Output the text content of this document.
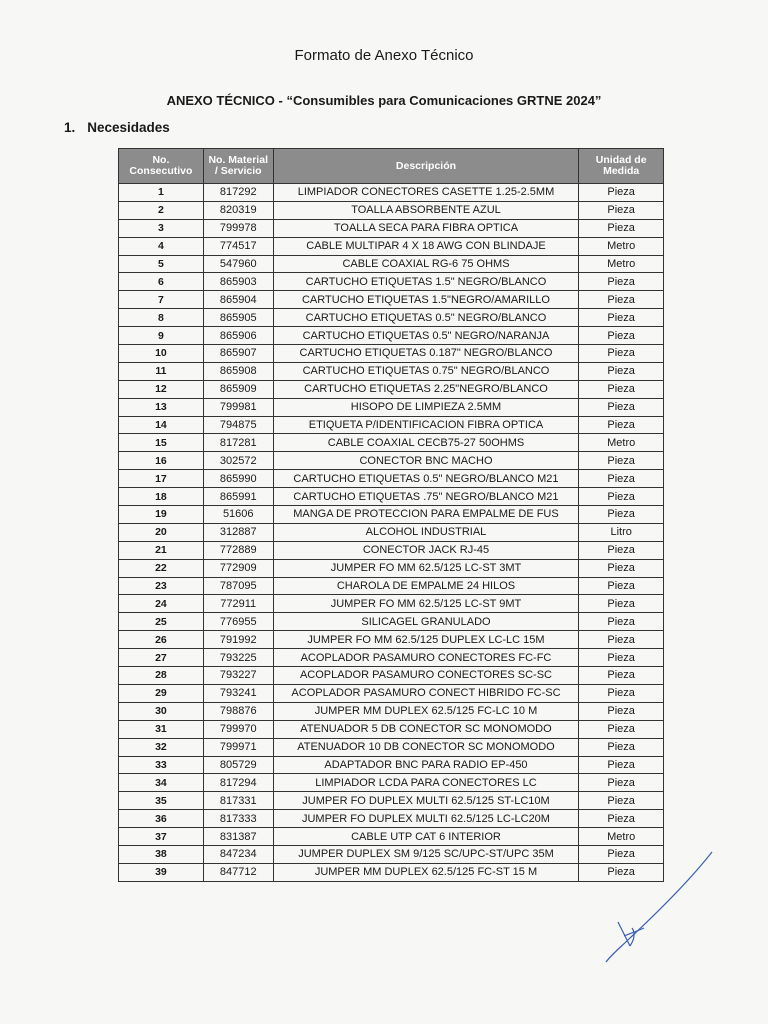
Formato de Anexo Técnico
ANEXO TÉCNICO - “Consumibles para Comunicaciones GRTNE 2024”
1. Necesidades
No. Consecutivo	No. Material / Servicio	Descripción	Unidad de Medida
1	817292	LIMPIADOR CONECTORES CASETTE 1.25-2.5MM	Pieza
2	820319	TOALLA ABSORBENTE AZUL	Pieza
3	799978	TOALLA SECA PARA FIBRA OPTICA	Pieza
4	774517	CABLE MULTIPAR 4 X 18 AWG CON BLINDAJE	Metro
5	547960	CABLE COAXIAL RG-6 75 OHMS	Metro
6	865903	CARTUCHO ETIQUETAS 1.5" NEGRO/BLANCO	Pieza
7	865904	CARTUCHO ETIQUETAS 1.5"NEGRO/AMARILLO	Pieza
8	865905	CARTUCHO ETIQUETAS 0.5" NEGRO/BLANCO	Pieza
9	865906	CARTUCHO ETIQUETAS 0.5" NEGRO/NARANJA	Pieza
10	865907	CARTUCHO ETIQUETAS 0.187" NEGRO/BLANCO	Pieza
11	865908	CARTUCHO ETIQUETAS 0.75" NEGRO/BLANCO	Pieza
12	865909	CARTUCHO ETIQUETAS 2.25"NEGRO/BLANCO	Pieza
13	799981	HISOPO DE LIMPIEZA 2.5MM	Pieza
14	794875	ETIQUETA P/IDENTIFICACION FIBRA OPTICA	Pieza
15	817281	CABLE COAXIAL CECB75-27 50OHMS	Metro
16	302572	CONECTOR BNC MACHO	Pieza
17	865990	CARTUCHO ETIQUETAS 0.5" NEGRO/BLANCO M21	Pieza
18	865991	CARTUCHO ETIQUETAS .75" NEGRO/BLANCO M21	Pieza
19	51606	MANGA DE PROTECCION PARA EMPALME DE FUS	Pieza
20	312887	ALCOHOL INDUSTRIAL	Litro
21	772889	CONECTOR JACK RJ-45	Pieza
22	772909	JUMPER FO MM 62.5/125 LC-ST 3MT	Pieza
23	787095	CHAROLA DE EMPALME 24 HILOS	Pieza
24	772911	JUMPER FO MM 62.5/125 LC-ST 9MT	Pieza
25	776955	SILICAGEL GRANULADO	Pieza
26	791992	JUMPER FO MM 62.5/125 DUPLEX LC-LC 15M	Pieza
27	793225	ACOPLADOR PASAMURO CONECTORES FC-FC	Pieza
28	793227	ACOPLADOR PASAMURO CONECTORES SC-SC	Pieza
29	793241	ACOPLADOR PASAMURO CONECT HIBRIDO FC-SC	Pieza
30	798876	JUMPER MM DUPLEX 62.5/125 FC-LC 10 M	Pieza
31	799970	ATENUADOR 5 DB CONECTOR SC MONOMODO	Pieza
32	799971	ATENUADOR 10 DB CONECTOR SC MONOMODO	Pieza
33	805729	ADAPTADOR BNC PARA RADIO EP-450	Pieza
34	817294	LIMPIADOR LCDA PARA CONECTORES LC	Pieza
35	817331	JUMPER FO DUPLEX MULTI 62.5/125 ST-LC10M	Pieza
36	817333	JUMPER FO DUPLEX MULTI 62.5/125 LC-LC20M	Pieza
37	831387	CABLE UTP CAT 6 INTERIOR	Metro
38	847234	JUMPER DUPLEX SM 9/125 SC/UPC-ST/UPC 35M	Pieza
39	847712	JUMPER MM DUPLEX 62.5/125 FC-ST 15 M	Pieza
